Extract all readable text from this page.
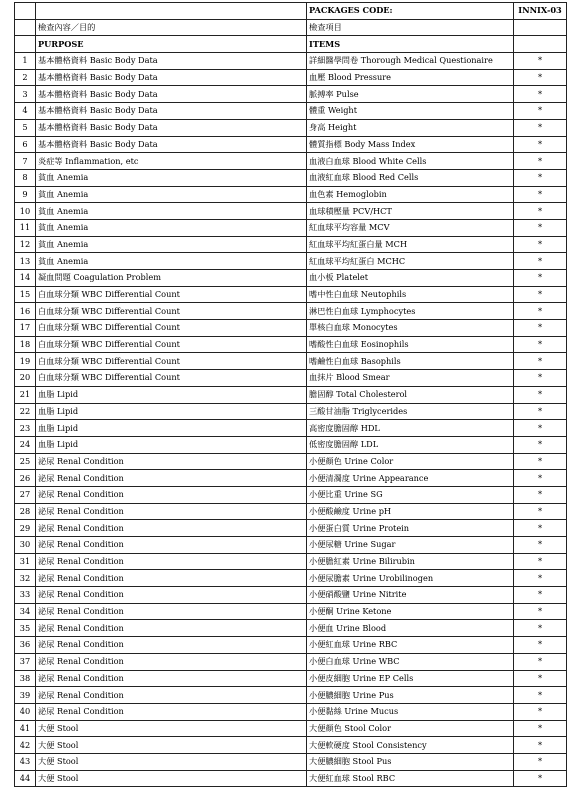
		PACKAGES CODE:	INNIX-03
	檢查內容／目的	檢查項目	
	PURPOSE	ITEMS	
1	基本體格資料 Basic Body Data	詳細醫學問卷 Thorough Medical Questionaire	*
2	基本體格資料 Basic Body Data	血壓 Blood Pressure	*
3	基本體格資料 Basic Body Data	脈搏率 Pulse	*
4	基本體格資料 Basic Body Data	體重 Weight	*
5	基本體格資料 Basic Body Data	身高 Height	*
6	基本體格資料 Basic Body Data	體質指標 Body Mass Index	*
7	炎症等 Inflammation, etc	血液白血球 Blood White Cells	*
8	貧血 Anemia	血液紅血球 Blood Red Cells	*
9	貧血 Anemia	血色素 Hemoglobin	*
10	貧血 Anemia	血球積壓量 PCV/HCT	*
11	貧血 Anemia	紅血球平均容量 MCV	*
12	貧血 Anemia	紅血球平均紅蛋白量 MCH	*
13	貧血 Anemia	紅血球平均紅蛋白 MCHC	*
14	凝血問題 Coagulation Problem	血小板 Platelet	*
15	白血球分類 WBC Differential Count	嗜中性白血球 Neutophils	*
16	白血球分類 WBC Differential Count	淋巴性白血球 Lymphocytes	*
17	白血球分類 WBC Differential Count	單核白血球 Monocytes	*
18	白血球分類 WBC Differential Count	嗜酸性白血球 Eosinophils	*
19	白血球分類 WBC Differential Count	嗜鹼性白血球 Basophils	*
20	白血球分類 WBC Differential Count	血抹片 Blood Smear	*
21	血脂 Lipid	膽固醇 Total Cholesterol	*
22	血脂 Lipid	三酸甘油脂 Triglycerides	*
23	血脂 Lipid	高密度膽固醇 HDL	*
24	血脂 Lipid	低密度膽固醇 LDL	*
25	泌尿 Renal Condition	小便顏色 Urine Color	*
26	泌尿 Renal Condition	小便清濁度 Urine Appearance	*
27	泌尿 Renal Condition	小便比重 Urine SG	*
28	泌尿 Renal Condition	小便酸鹼度 Urine pH	*
29	泌尿 Renal Condition	小便蛋白質 Urine Protein	*
30	泌尿 Renal Condition	小便尿糖 Urine Sugar	*
31	泌尿 Renal Condition	小便膽紅素 Urine Bilirubin	*
32	泌尿 Renal Condition	小便尿膽素 Urine Urobilinogen	*
33	泌尿 Renal Condition	小便硝酸鹽 Urine Nitrite	*
34	泌尿 Renal Condition	小便酮 Urine Ketone	*
35	泌尿 Renal Condition	小便血 Urine Blood	*
36	泌尿 Renal Condition	小便紅血球 Urine RBC	*
37	泌尿 Renal Condition	小便白血球 Urine WBC	*
38	泌尿 Renal Condition	小便皮細胞 Urine EP Cells	*
39	泌尿 Renal Condition	小便膿細胞 Urine Pus	*
40	泌尿 Renal Condition	小便黏絲 Urine Mucus	*
41	大便 Stool	大便顏色 Stool Color	*
42	大便 Stool	大便軟硬度 Stool Consistency	*
43	大便 Stool	大便膿細胞 Stool Pus	*
44	大便 Stool	大便紅血球 Stool RBC	*
